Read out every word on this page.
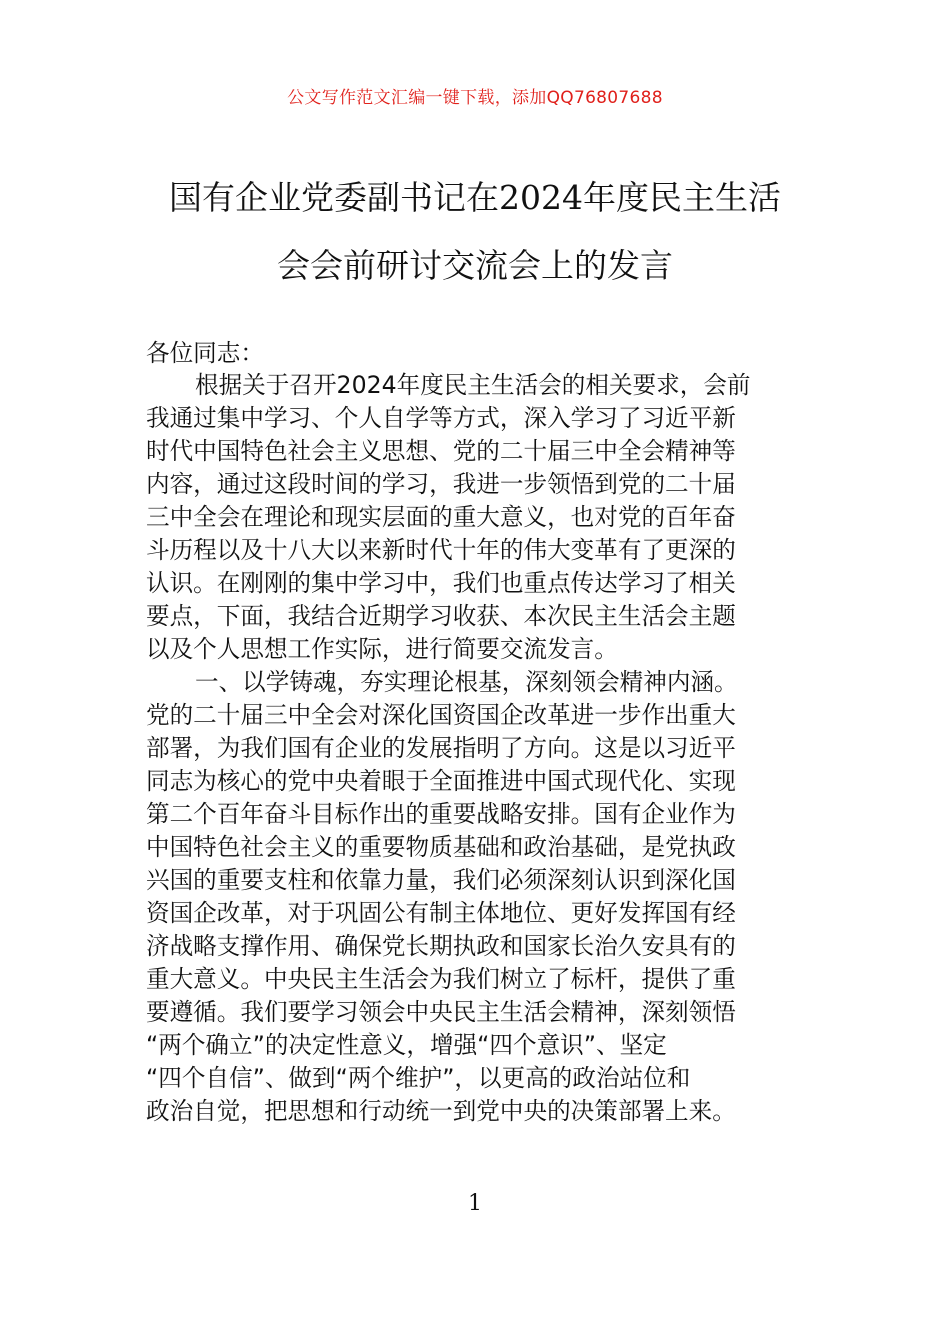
公文写作范文汇编一键下载，添加QQ76807688
国有企业党委副书记在2024年度民主生活
会会前研讨交流会上的发言
各位同志：
根据关于召开2024年度民主生活会的相关要求，会前
我通过集中学习、个人自学等方式，深入学习了习近平新
时代中国特色社会主义思想、党的二十届三中全会精神等
内容，通过这段时间的学习，我进一步领悟到党的二十届
三中全会在理论和现实层面的重大意义，也对党的百年奋
斗历程以及十八大以来新时代十年的伟大变革有了更深的
认识。在刚刚的集中学习中，我们也重点传达学习了相关
要点，下面，我结合近期学习收获、本次民主生活会主题
以及个人思想工作实际，进行简要交流发言。
一、以学铸魂，夯实理论根基，深刻领会精神内涵。
党的二十届三中全会对深化国资国企改革进一步作出重大
部署，为我们国有企业的发展指明了方向。这是以习近平
同志为核心的党中央着眼于全面推进中国式现代化、实现
第二个百年奋斗目标作出的重要战略安排。国有企业作为
中国特色社会主义的重要物质基础和政治基础，是党执政
兴国的重要支柱和依靠力量，我们必须深刻认识到深化国
资国企改革，对于巩固公有制主体地位、更好发挥国有经
济战略支撑作用、确保党长期执政和国家长治久安具有的
重大意义。中央民主生活会为我们树立了标杆，提供了重
要遵循。我们要学习领会中央民主生活会精神，深刻领悟
“两个确立”的决定性意义，增强“四个意识”、坚定
“四个自信”、做到“两个维护”，以更高的政治站位和
政治自觉，把思想和行动统一到党中央的决策部署上来。
1
